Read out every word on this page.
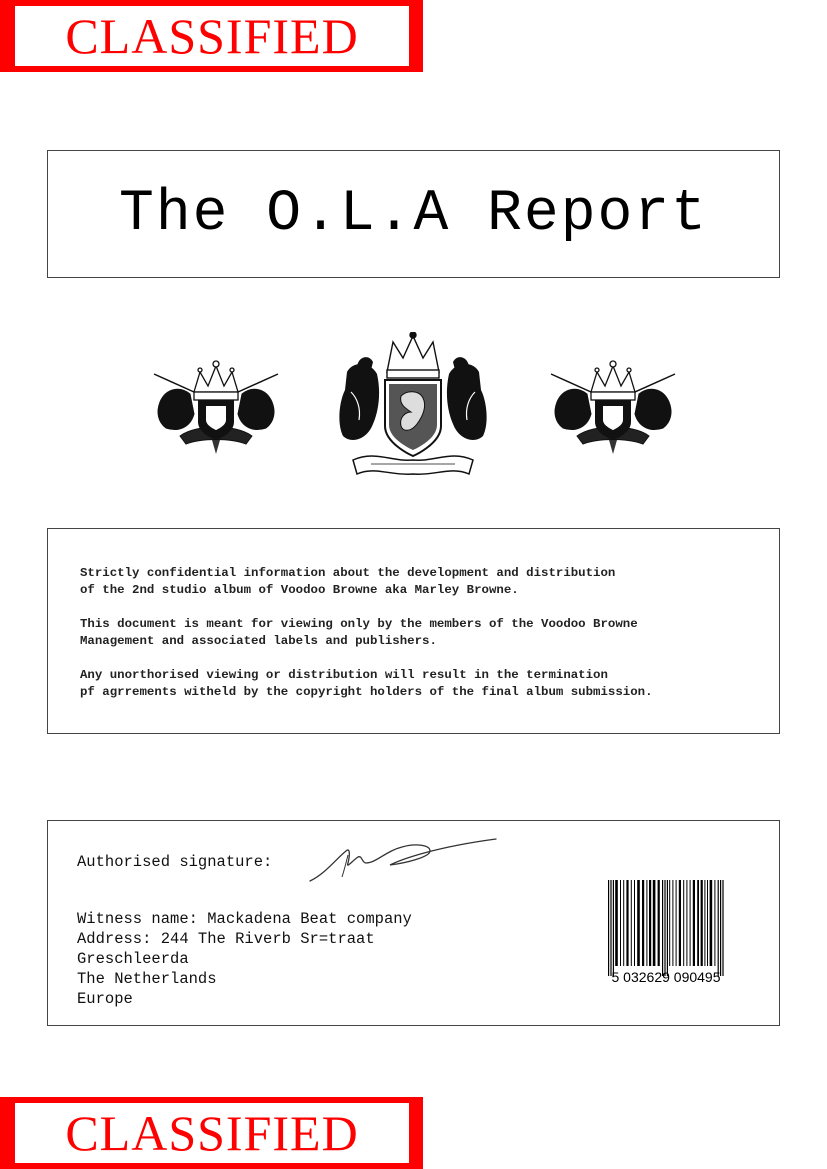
CLASSIFIED
The O.L.A Report

Strictly confidential information about the development and distribution
of the 2nd studio album of Voodoo Browne aka Marley Browne.

This document is meant for viewing only by the members of the Voodoo Browne
Management and associated labels and publishers.

Any unorthorised viewing or distribution will result in the termination
pf agrrements witheld by the copyright holders of the final album submission.

Authorised signature:
Witness name: Mackadena Beat company
Address: 244 The Riverb Sr=traat
Greschleerda
The Netherlands
Europe
5 032629 090495
CLASSIFIED
